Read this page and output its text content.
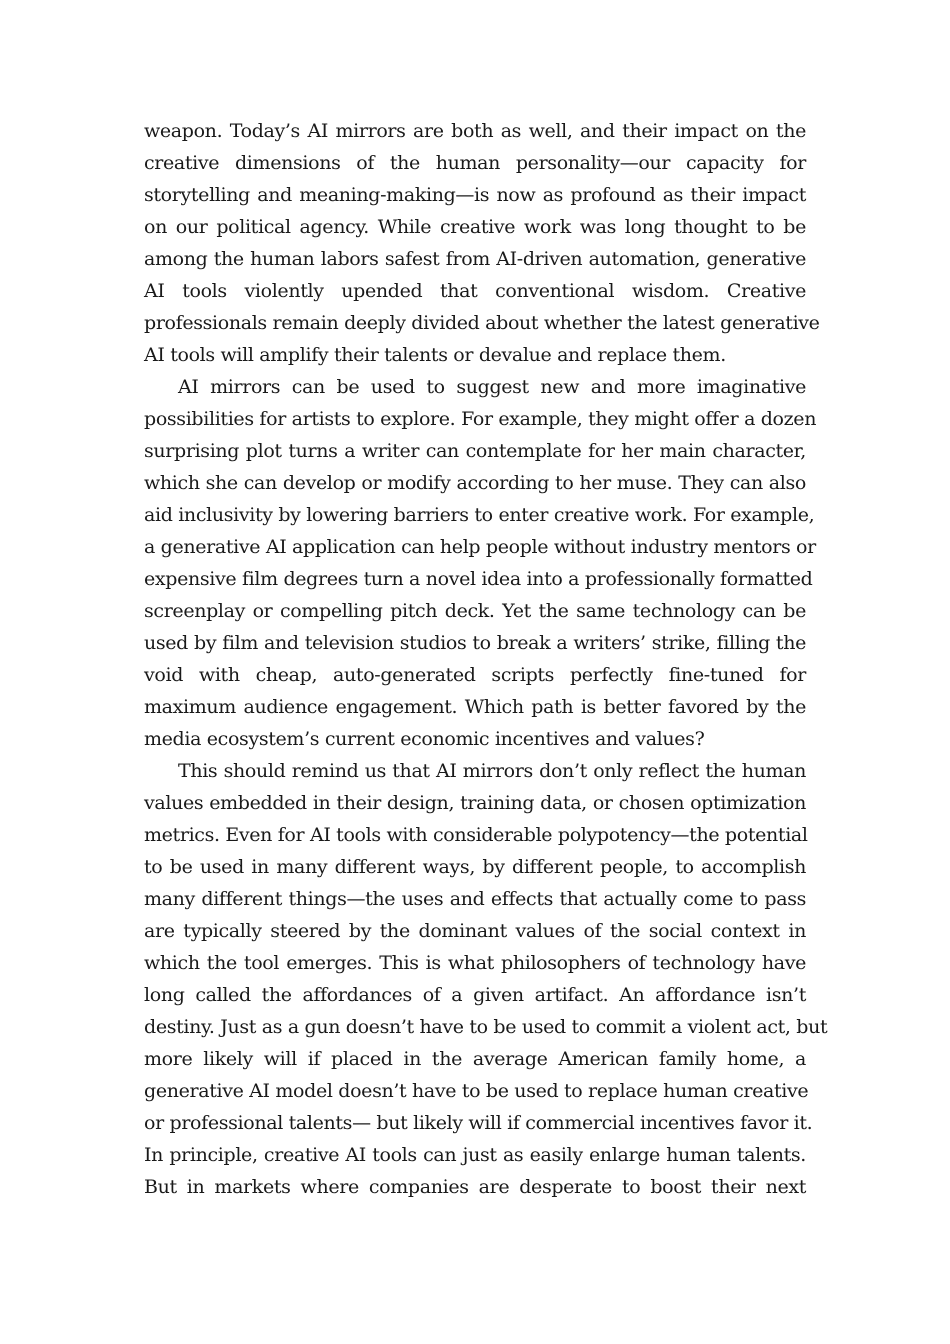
weapon. Today’s AI mirrors are both as well, and their impact on the
creative dimensions of the human personality—our capacity for
storytelling and meaning-making—is now as profound as their impact
on our political agency. While creative work was long thought to be
among the human labors safest from AI-driven automation, generative
AI tools violently upended that conventional wisdom. Creative
professionals remain deeply divided about whether the latest generative
AI tools will amplify their talents or devalue and replace them.
AI mirrors can be used to suggest new and more imaginative
possibilities for artists to explore. For example, they might offer a dozen
surprising plot turns a writer can contemplate for her main character,
which she can develop or modify according to her muse. They can also
aid inclusivity by lowering barriers to enter creative work. For example,
a generative AI application can help people without industry mentors or
expensive film degrees turn a novel idea into a professionally formatted
screenplay or compelling pitch deck. Yet the same technology can be
used by film and television studios to break a writers’ strike, filling the
void with cheap, auto-generated scripts perfectly fine-tuned for
maximum audience engagement. Which path is better favored by the
media ecosystem’s current economic incentives and values?
This should remind us that AI mirrors don’t only reflect the human
values embedded in their design, training data, or chosen optimization
metrics. Even for AI tools with considerable polypotency—the potential
to be used in many different ways, by different people, to accomplish
many different things—the uses and effects that actually come to pass
are typically steered by the dominant values of the social context in
which the tool emerges. This is what philosophers of technology have
long called the affordances of a given artifact. An affordance isn’t
destiny. Just as a gun doesn’t have to be used to commit a violent act, but
more likely will if placed in the average American family home, a
generative AI model doesn’t have to be used to replace human creative
or professional talents— but likely will if commercial incentives favor it.
In principle, creative AI tools can just as easily enlarge human talents.
But in markets where companies are desperate to boost their next
